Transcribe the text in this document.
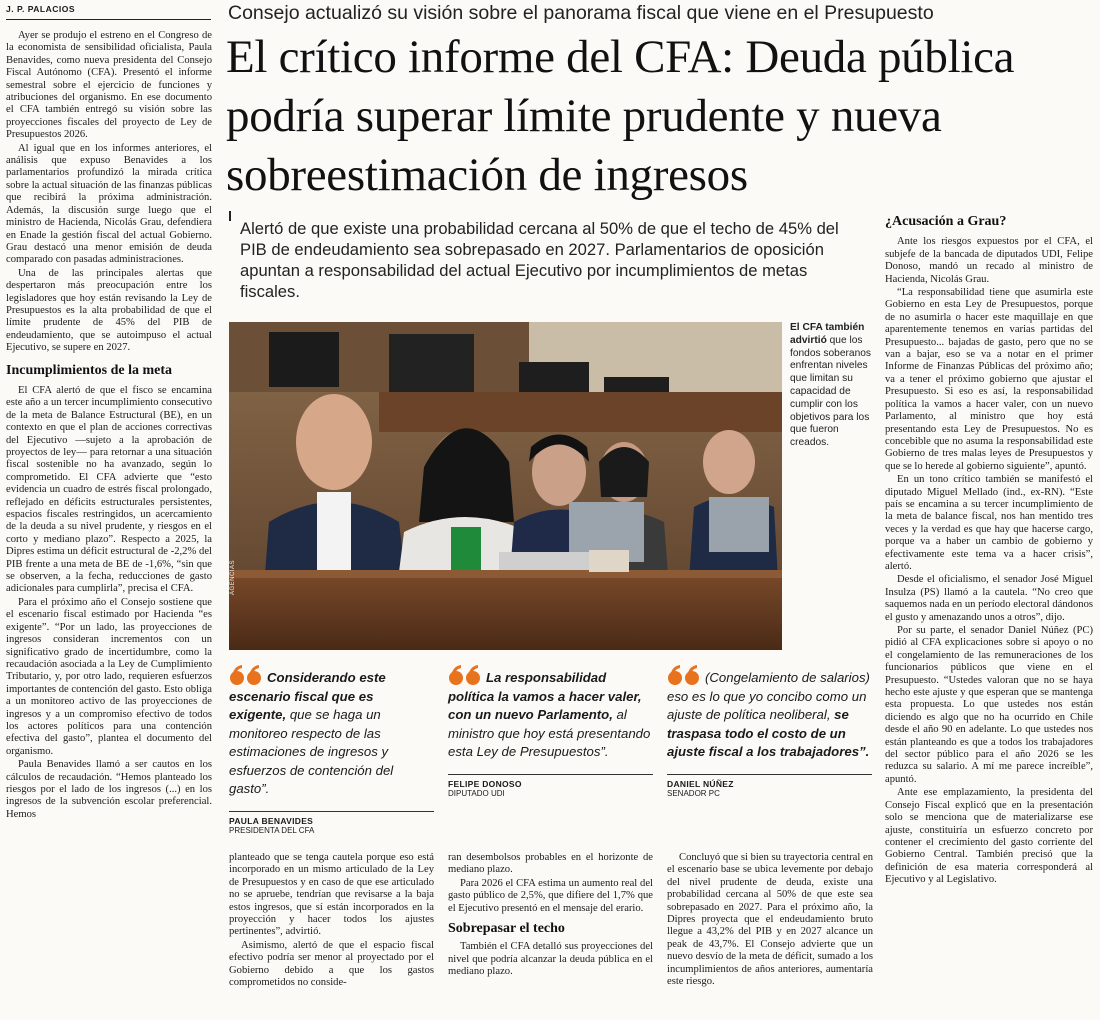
J. P. PALACIOS

Ayer se produjo el estreno en el Congreso de la economista de sensibilidad oficialista, Paula Benavides, como nueva presidenta del Consejo Fiscal Autónomo (CFA). Presentó el informe semestral sobre el ejercicio de funciones y atribuciones del organismo. En ese documento el CFA también entregó su visión sobre las proyecciones fiscales del proyecto de Ley de Presupuestos 2026.

Al igual que en los informes anteriores, el análisis que expuso Benavides a los parlamentarios profundizó la mirada crítica sobre la actual situación de las finanzas públicas que recibirá la próxima administración. Además, la discusión surge luego que el ministro de Hacienda, Nicolás Grau, defendiera en Enade la gestión fiscal del actual Gobierno. Grau destacó una menor emisión de deuda comparado con pasadas administraciones.

Una de las principales alertas que despertaron más preocupación entre los legisladores que hoy están revisando la Ley de Presupuestos es la alta probabilidad de que el límite prudente de 45% del PIB de endeudamiento, que se autoimpuso el actual Ejecutivo, se supere en 2027.

Incumplimientos de la meta

El CFA alertó de que el fisco se encamina este año a un tercer incumplimiento consecutivo de la meta de Balance Estructural (BE), en un contexto en que el plan de acciones correctivas del Ejecutivo —sujeto a la aprobación de proyectos de ley— para retornar a una situación fiscal sostenible no ha avanzado, según lo comprometido. El CFA advierte que “esto evidencia un cuadro de estrés fiscal prolongado, reflejado en déficits estructurales persistentes, espacios fiscales restringidos, un acercamiento de la deuda a su nivel prudente, y riesgos en el corto y mediano plazo”. Respecto a 2025, la Dipres estima un déficit estructural de -2,2% del PIB frente a una meta de BE de -1,6%, “sin que se observen, a la fecha, reducciones de gasto adicionales para cumplirla”, precisa el CFA.

Para el próximo año el Consejo sostiene que el escenario fiscal estimado por Hacienda “es exigente”. “Por un lado, las proyecciones de ingresos consideran incrementos con un significativo grado de incertidumbre, como la recaudación asociada a la Ley de Cumplimiento Tributario, y, por otro lado, requieren esfuerzos importantes de contención del gasto. Esto obliga a un monitoreo activo de las proyecciones de ingresos y a un compromiso efectivo de todos los actores políticos para una contención efectiva del gasto”, plantea el documento del organismo.

Paula Benavides llamó a ser cautos en los cálculos de recaudación. “Hemos planteado los riesgos por el lado de los ingresos (...) en los ingresos de la subvención escolar preferencial. Hemos

Consejo actualizó su visión sobre el panorama fiscal que viene en el Presupuesto
El crítico informe del CFA: Deuda pública podría superar límite prudente y nueva sobreestimación de ingresos
Alertó de que existe una probabilidad cercana al 50% de que el techo de 45% del PIB de endeudamiento sea sobrepasado en 2027. Parlamentarios de oposición apuntan a responsabilidad del actual Ejecutivo por incumplimientos de metas fiscales.
AGENCIAS
El CFA también advirtió que los fondos soberanos enfrentan niveles que limitan su capacidad de cumplir con los objetivos para los que fueron creados.
Considerando este escenario fiscal que es exigente, que se haga un monitoreo respecto de las estimaciones de ingresos y esfuerzos de contención del gasto”.
PAULA BENAVIDES
PRESIDENTA DEL CFA
La responsabilidad política la vamos a hacer valer, con un nuevo Parlamento, al ministro que hoy está presentando esta Ley de Presupuestos”.
FELIPE DONOSO
DIPUTADO UDI
(Congelamiento de salarios) eso es lo que yo concibo como un ajuste de política neoliberal, se traspasa todo el costo de un ajuste fiscal a los trabajadores”.
DANIEL NÚÑEZ
SENADOR PC

planteado que se tenga cautela porque eso está incorporado en un mismo articulado de la Ley de Presupuestos y en caso de que ese articulado no se apruebe, tendrían que revisarse a la baja estos ingresos, que sí están incorporados en la proyección y hacer todos los ajustes pertinentes”, advirtió.

Asimismo, alertó de que el espacio fiscal efectivo podría ser menor al proyectado por el Gobierno debido a que los gastos comprometidos no conside-

ran desembolsos probables en el horizonte de mediano plazo.

Para 2026 el CFA estima un aumento real del gasto público de 2,5%, que difiere del 1,7% que el Ejecutivo presentó en el mensaje del erario.

Sobrepasar el techo

También el CFA detalló sus proyecciones del nivel que podría alcanzar la deuda pública en el mediano plazo.

Concluyó que si bien su trayectoria central en el escenario base se ubica levemente por debajo del nivel prudente de deuda, existe una probabilidad cercana al 50% de que este sea sobrepasado en 2027. Para el próximo año, la Dipres proyecta que el endeudamiento bruto llegue a 43,2% del PIB y en 2027 alcance un peak de 43,7%. El Consejo advierte que un nuevo desvío de la meta de déficit, sumado a los incumplimientos de años anteriores, aumentaría este riesgo.

¿Acusación a Grau?

Ante los riesgos expuestos por el CFA, el subjefe de la bancada de diputados UDI, Felipe Donoso, mandó un recado al ministro de Hacienda, Nicolás Grau.

“La responsabilidad tiene que asumirla este Gobierno en esta Ley de Presupuestos, porque de no asumirla o hacer este maquillaje en que aparentemente tenemos en varias partidas del Presupuesto... bajadas de gasto, pero que no se van a bajar, eso se va a notar en el primer Informe de Finanzas Públicas del próximo año; va a tener el próximo gobierno que ajustar el Presupuesto. Si eso es así, la responsabilidad política la vamos a hacer valer, con un nuevo Parlamento, al ministro que hoy está presentando esta Ley de Presupuestos. No es concebible que no asuma la responsabilidad este Gobierno de tres malas leyes de Presupuestos y que se lo herede al gobierno siguiente”, apuntó.

En un tono crítico también se manifestó el diputado Miguel Mellado (ind., ex-RN). “Este país se encamina a su tercer incumplimiento de la meta de balance fiscal, nos han mentido tres veces y la verdad es que hay que hacerse cargo, porque va a haber un cambio de gobierno y efectivamente este tema va a hacer crisis”, alertó.

Desde el oficialismo, el senador José Miguel Insulza (PS) llamó a la cautela. “No creo que saquemos nada en un período electoral dándonos el gusto y amenazando unos a otros”, dijo.

Por su parte, el senador Daniel Núñez (PC) pidió al CFA explicaciones sobre si apoyo o no el congelamiento de las remuneraciones de los funcionarios públicos que viene en el Presupuesto. “Ustedes valoran que no se haya hecho este ajuste y que esperan que se mantenga esta propuesta. Lo que ustedes nos están diciendo es algo que no ha ocurrido en Chile desde el año 90 en adelante. Lo que ustedes nos están planteando es que a todos los trabajadores del sector público para el año 2026 se les reduzca su salario. A mí me parece increíble”, apuntó.

Ante ese emplazamiento, la presidenta del Consejo Fiscal explicó que en la presentación solo se menciona que de materializarse ese ajuste, constituiría un esfuerzo concreto por contener el crecimiento del gasto corriente del Gobierno Central. También precisó que la definición de esa materia corresponderá al Ejecutivo y al Legislativo.
